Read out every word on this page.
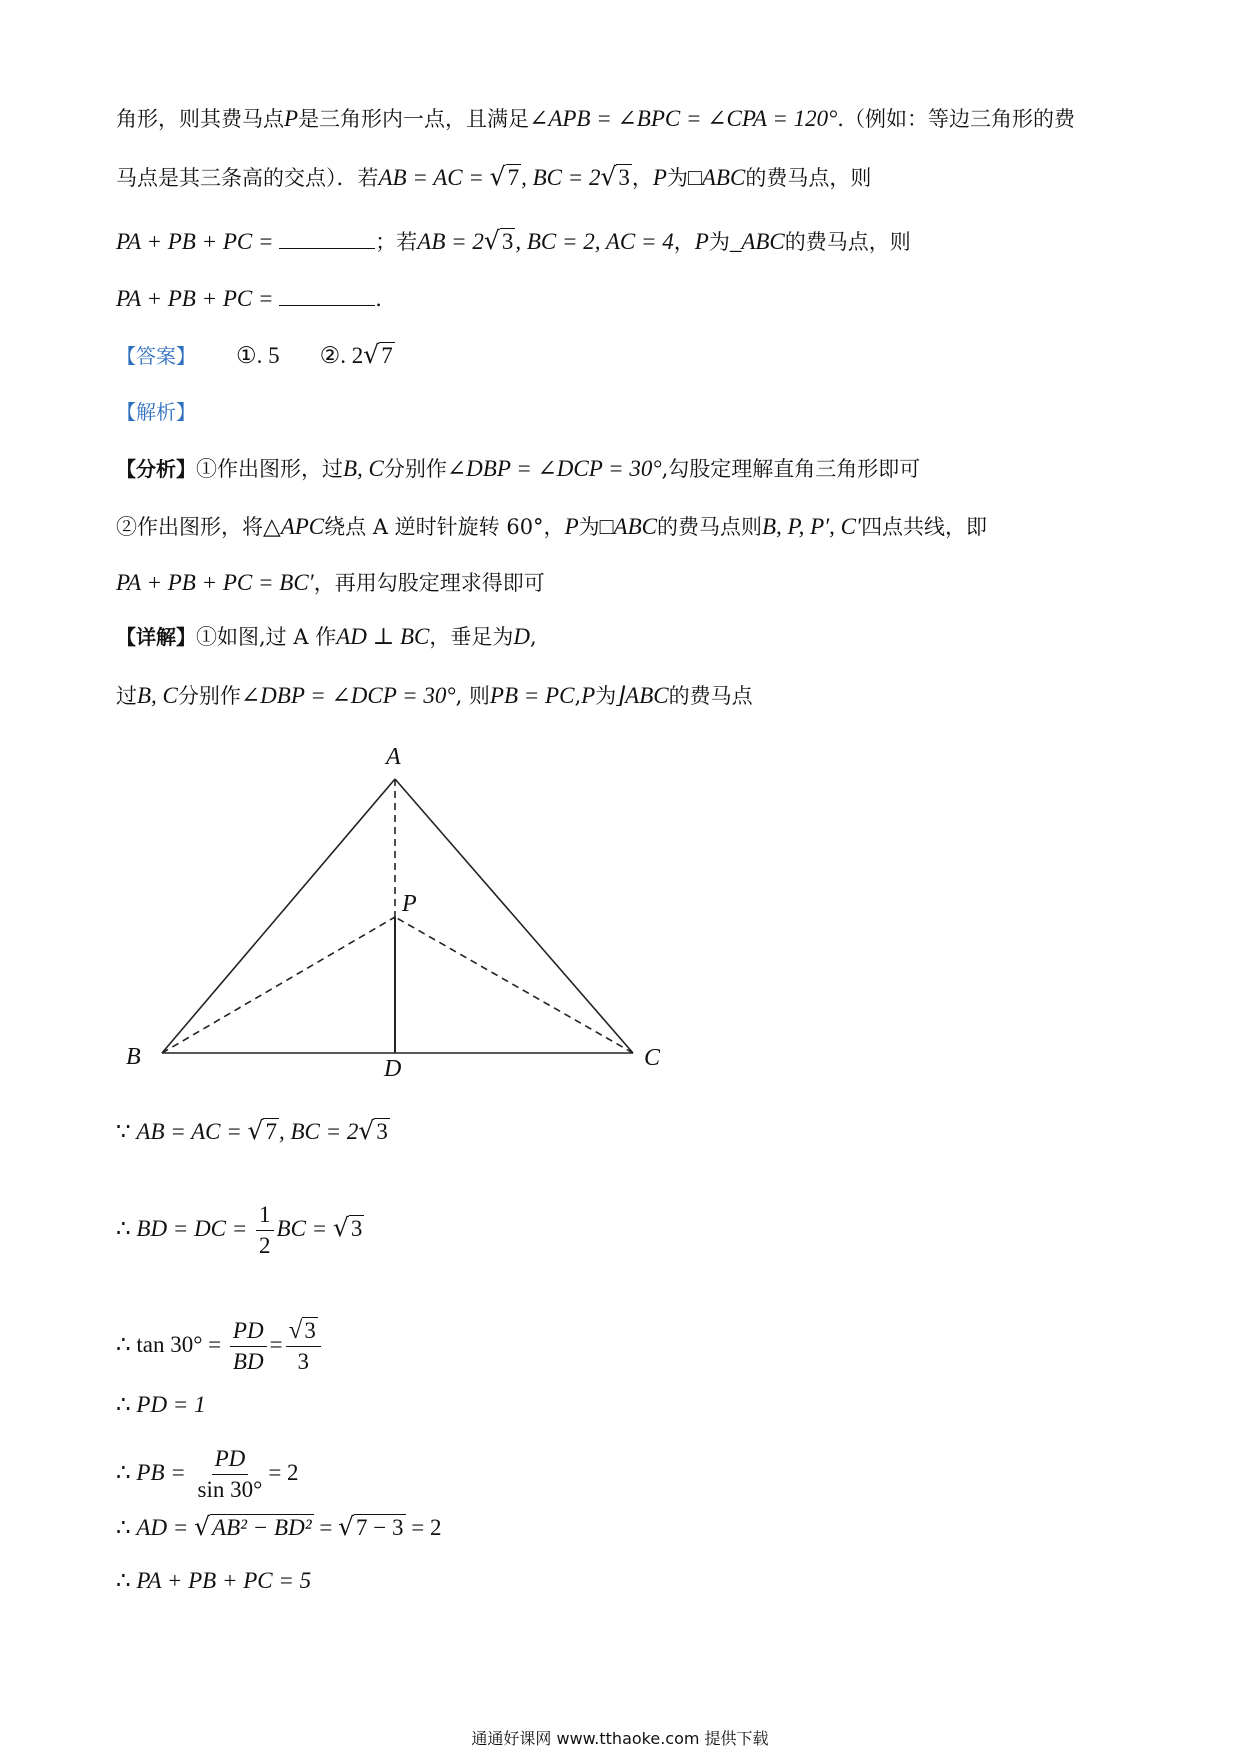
角形，则其费马点P是三角形内一点，且满足∠APB = ∠BPC = ∠CPA = 120°.（例如：等边三角形的费
马点是其三条高的交点）．若AB = AC = √7, BC = 2√3，P为□ABC的费马点，则
PA + PB + PC =	；若AB = 2√3, BC = 2, AC = 4，P为_ABC的费马点，则
PA + PB + PC =	.
【答案】 ①. 5 ②. 2√7
【解析】
【分析】①作出图形，过B, C分别作∠DBP = ∠DCP = 30°,勾股定理解直角三角形即可
②作出图形，将△APC绕点 A 逆时针旋转 60°，P为□ABC的费马点则B, P, P′, C′四点共线，即
PA + PB + PC = BC′，再用勾股定理求得即可
【详解】①如图,过 A 作AD ⊥ BC，垂足为D,
过B, C分别作∠DBP = ∠DCP = 30°, 则PB = PC,P为⌋ABC的费马点
A
P
B	D	C
∵ AB = AC = √7, BC = 2√3
∴ BD = DC = $\frac{1}{2}$ BC = √3
∴ $\tan 30^\circ = \frac{PD}{BD} = \frac{√3}{3}$
∴ PD = 1
∴ PB = $\frac{PD}{\sin 30^\circ} = 2$
∴ AD = √AB² − BD² = √7 − 3 = 2
∴ PA + PB + PC = 5
通通好课网 www.tthaoke.com 提供下载
